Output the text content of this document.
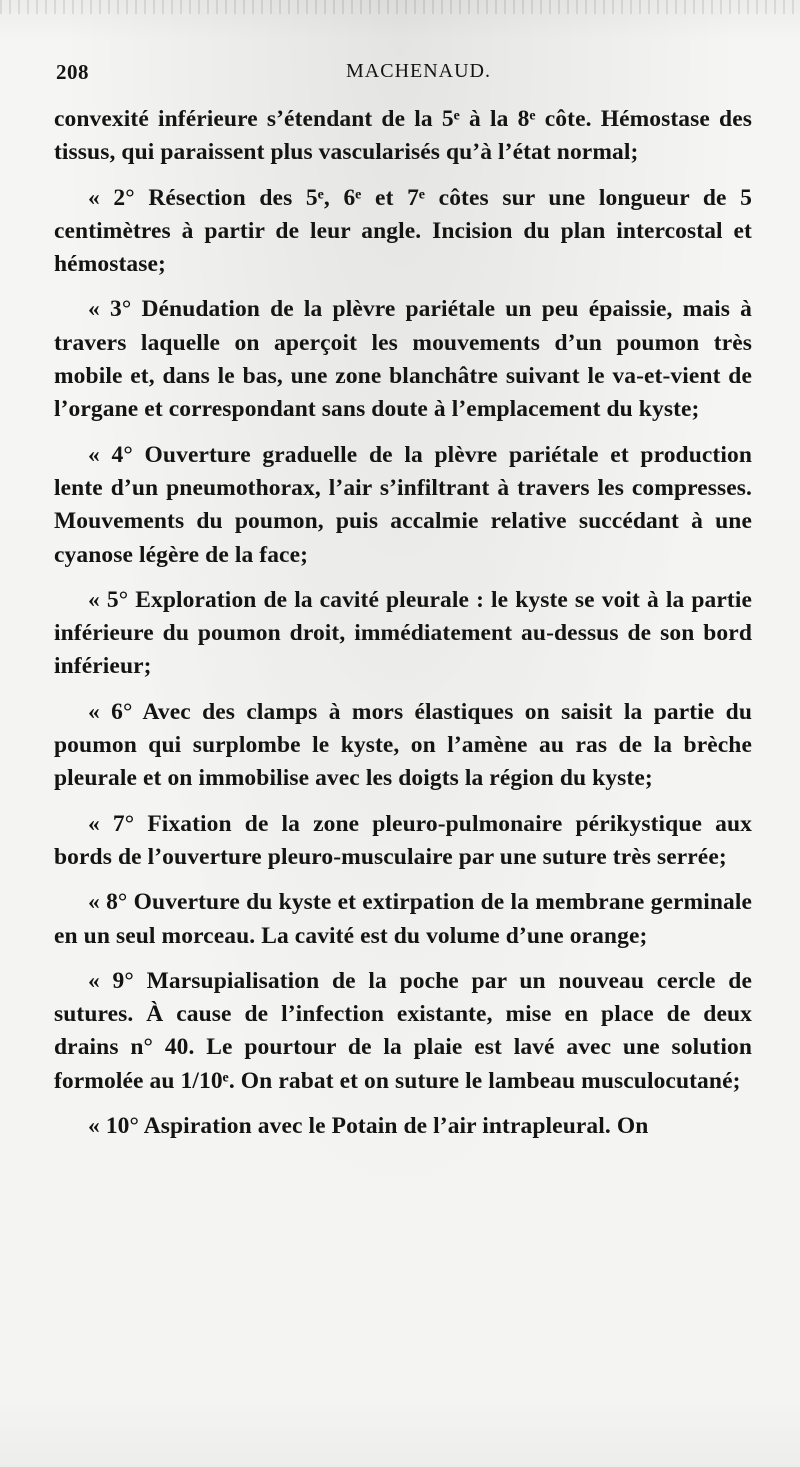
208	MACHENAUD.

convexité inférieure s’étendant de la 5ᵉ à la 8ᵉ côte. Hémostase des tissus, qui paraissent plus vascularisés qu’à l’état normal;

« 2° Résection des 5ᵉ, 6ᵉ et 7ᵉ côtes sur une longueur de 5 centimètres à partir de leur angle. Incision du plan intercostal et hémostase;

« 3° Dénudation de la plèvre pariétale un peu épaissie, mais à travers laquelle on aperçoit les mouvements d’un poumon très mobile et, dans le bas, une zone blanchâtre suivant le va-et-vient de l’organe et correspondant sans doute à l’emplacement du kyste;

« 4° Ouverture graduelle de la plèvre pariétale et production lente d’un pneumothorax, l’air s’infiltrant à travers les compresses. Mouvements du poumon, puis accalmie relative succédant à une cyanose légère de la face;

« 5° Exploration de la cavité pleurale : le kyste se voit à la partie inférieure du poumon droit, immédiatement au-dessus de son bord inférieur;

« 6° Avec des clamps à mors élastiques on saisit la partie du poumon qui surplombe le kyste, on l’amène au ras de la brèche pleurale et on immobilise avec les doigts la région du kyste;

« 7° Fixation de la zone pleuro-pulmonaire périkystique aux bords de l’ouverture pleuro-musculaire par une suture très serrée;

« 8° Ouverture du kyste et extirpation de la membrane germinale en un seul morceau. La cavité est du volume d’une orange;

« 9° Marsupialisation de la poche par un nouveau cercle de sutures. À cause de l’infection existante, mise en place de deux drains n° 40. Le pourtour de la plaie est lavé avec une solution formolée au 1/10ᵉ. On rabat et on suture le lambeau musculocutané;

« 10° Aspiration avec le Potain de l’air intrapleural. On
